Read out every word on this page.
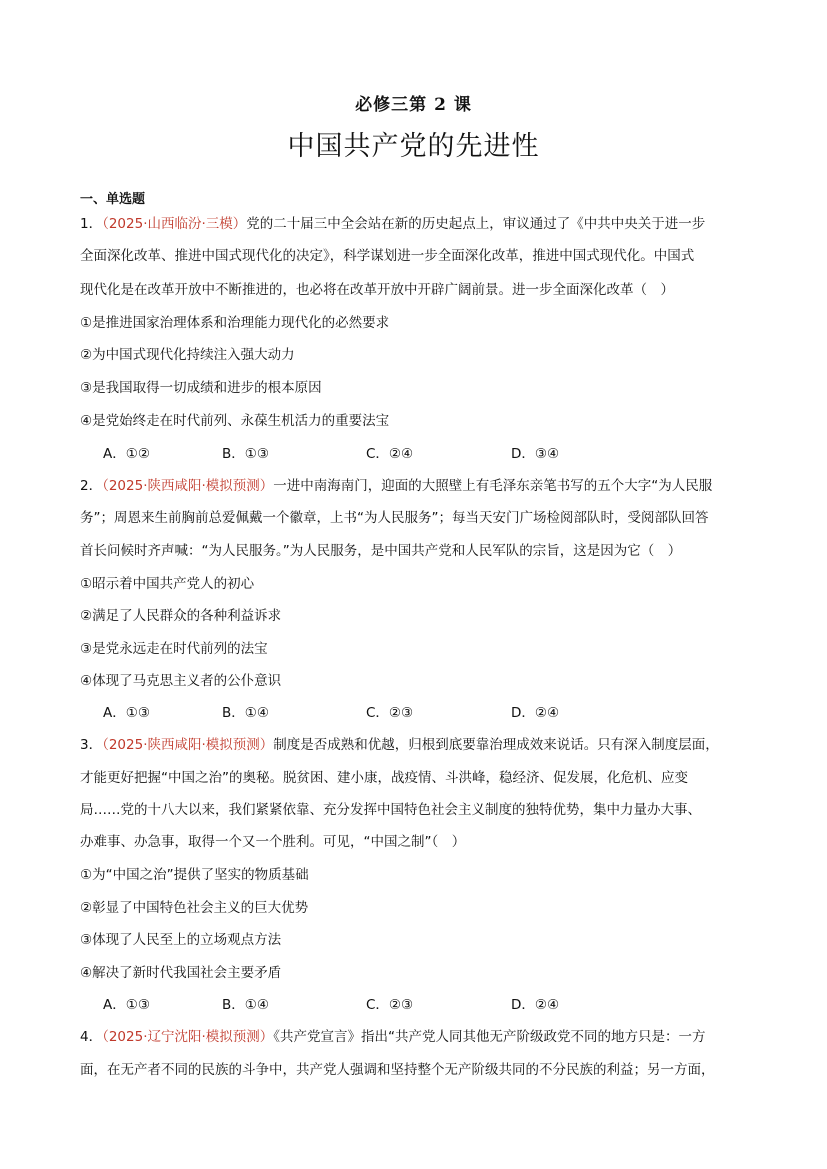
必修三第 2 课
中国共产党的先进性
一、单选题
1．（2025·山西临汾·三模）党的二十届三中全会站在新的历史起点上，审议通过了《中共中央关于进一步
全面深化改革、推进中国式现代化的决定》，科学谋划进一步全面深化改革，推进中国式现代化。中国式
现代化是在改革开放中不断推进的，也必将在改革开放中开辟广阔前景。进一步全面深化改革（　）
①是推进国家治理体系和治理能力现代化的必然要求
②为中国式现代化持续注入强大动力
③是我国取得一切成绩和进步的根本原因
④是党始终走在时代前列、永葆生机活力的重要法宝
A．①②	B．①③	C．②④	D．③④
2．（2025·陕西咸阳·模拟预测）一进中南海南门，迎面的大照壁上有毛泽东亲笔书写的五个大字“为人民服
务”；周恩来生前胸前总爱佩戴一个徽章，上书“为人民服务”；每当天安门广场检阅部队时，受阅部队回答
首长问候时齐声喊：“为人民服务。”为人民服务，是中国共产党和人民军队的宗旨，这是因为它（　）
①昭示着中国共产党人的初心
②满足了人民群众的各种利益诉求
③是党永远走在时代前列的法宝
④体现了马克思主义者的公仆意识
A．①③	B．①④	C．②③	D．②④
3．（2025·陕西咸阳·模拟预测）制度是否成熟和优越，归根到底要靠治理成效来说话。只有深入制度层面，
才能更好把握“中国之治”的奥秘。脱贫困、建小康，战疫情、斗洪峰，稳经济、促发展，化危机、应变
局……党的十八大以来，我们紧紧依靠、充分发挥中国特色社会主义制度的独特优势，集中力量办大事、
办难事、办急事，取得一个又一个胜利。可见，“中国之制”（　）
①为“中国之治”提供了坚实的物质基础
②彰显了中国特色社会主义的巨大优势
③体现了人民至上的立场观点方法
④解决了新时代我国社会主要矛盾
A．①③	B．①④	C．②③	D．②④
4．（2025·辽宁沈阳·模拟预测）《共产党宣言》指出“共产党人同其他无产阶级政党不同的地方只是：一方
面，在无产者不同的民族的斗争中，共产党人强调和坚持整个无产阶级共同的不分民族的利益；另一方面，
